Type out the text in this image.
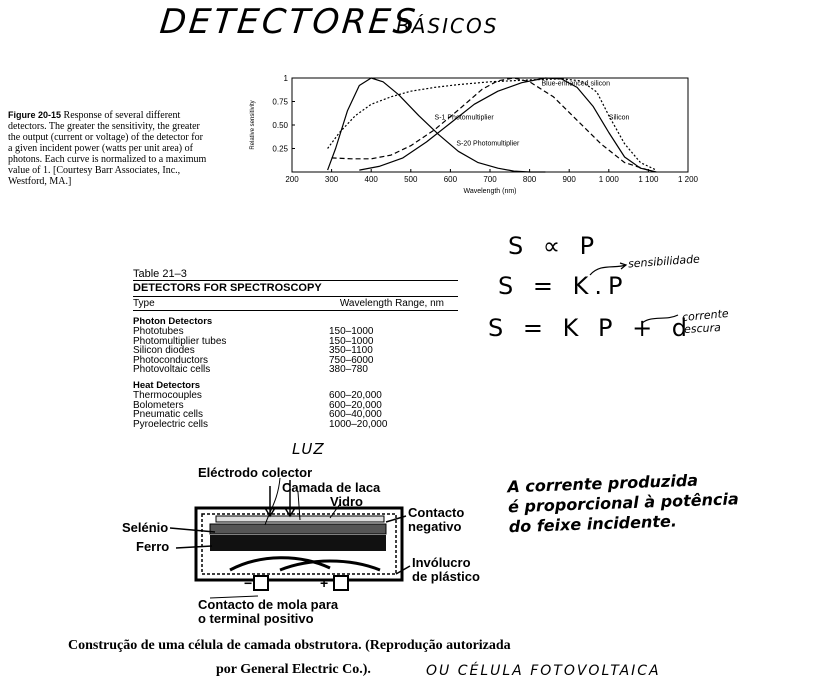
DETECTORES
BÁSICOS
Figure 20-15 Response of several different detectors. The greater the sensitivity, the greater the output (current or voltage) of the detector for a given incident power (watts per unit area) of photons. Each curve is normalized to a maximum value of 1. [Courtesy Barr Associates, Inc., Westford, MA.]	200	300	400	500	600	700	800	900	1 000 1 100 1 200
0.25
0.50
0.75
1
Wavelength (nm)
Relative sensitivity
Blue-enhanced silicon
S-1 Photomultiplier	Silicon
S-20 Photomultiplier
Table 21–3
DETECTORS FOR SPECTROSCOPY
Type	Wavelength Range, nm
Photon Detectors
Phototubes	150–1000
Photomultiplier tubes	150–1000
Silicon diodes	350–1100
Photoconductors	750–6000
Photovoltaic cells	380–780
Heat Detectors
Thermocouples	600–20,000
Bolometers	600–20,000
Pneumatic cells	600–40,000
Pyroelectric cells	1000–20,000
S ∝ P
S = K.P
sensibilidade
S = K P + d
corrente
escura
A corrente produzida
é proporcional à potência
do feixe incidente.
−	+
LUZ
Eléctrodo colector
Camada de laca
Vidro
Contacto
negativo
Selénio
Ferro
Invólucro
de plástico
Contacto de mola para
o terminal positivo
Construção de uma célula de camada obstrutora. (Reprodução autorizada
por General Electric Co.).	OU CÉLULA FOTOVOLTAICA
